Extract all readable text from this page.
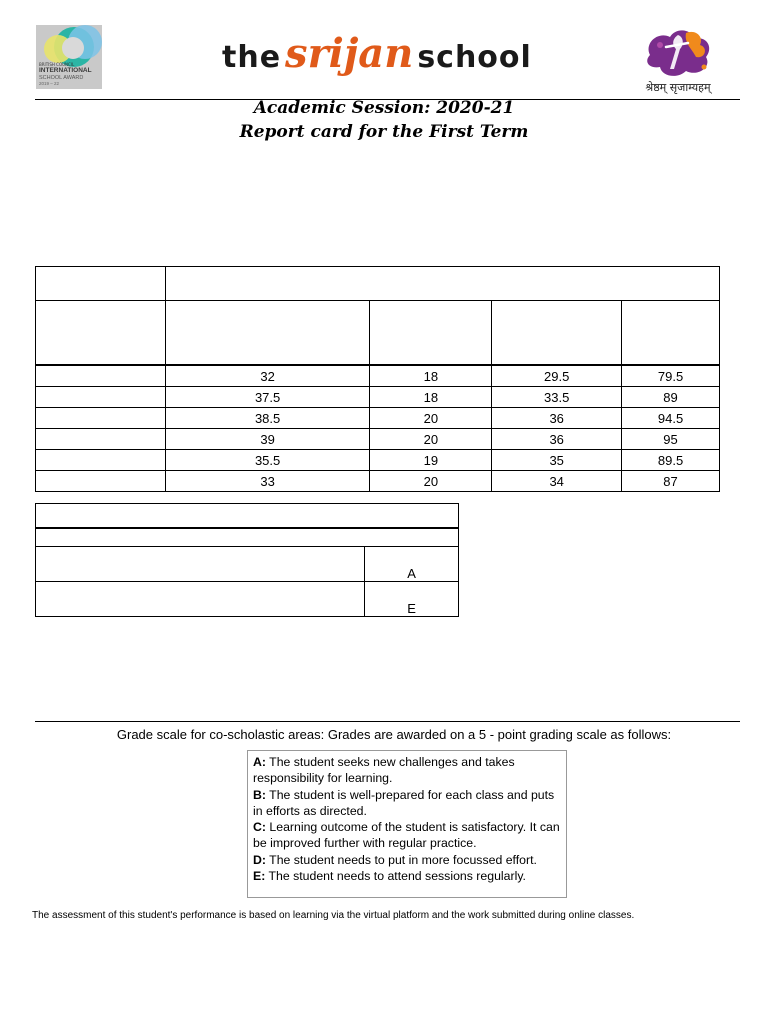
BRITISH COUNCIL
INTERNATIONAL
SCHOOL AWARD
2019 – 22
the srijan school
श्रेष्ठम् सृजाम्यहम्
Academic Session: 2020-21
Report card for the First Term

	32	18	29.5	79.5
	37.5	18	33.5	89
	38.5	20	36	94.5
	39	20	36	95
	35.5	19	35	89.5
	33	20	34	87

	A
	E
Grade scale for co-scholastic areas: Grades are awarded on a 5 - point grading scale as follows:

A: The student seeks new challenges and takes responsibility for learning.

B: The student is well-prepared for each class and puts in efforts as directed.

C: Learning outcome of the student is satisfactory. It can be improved further with regular practice.

D: The student needs to put in more focussed effort.

E: The student needs to attend sessions regularly.

The assessment of this student's performance is based on learning via the virtual platform and the work submitted during online classes.
